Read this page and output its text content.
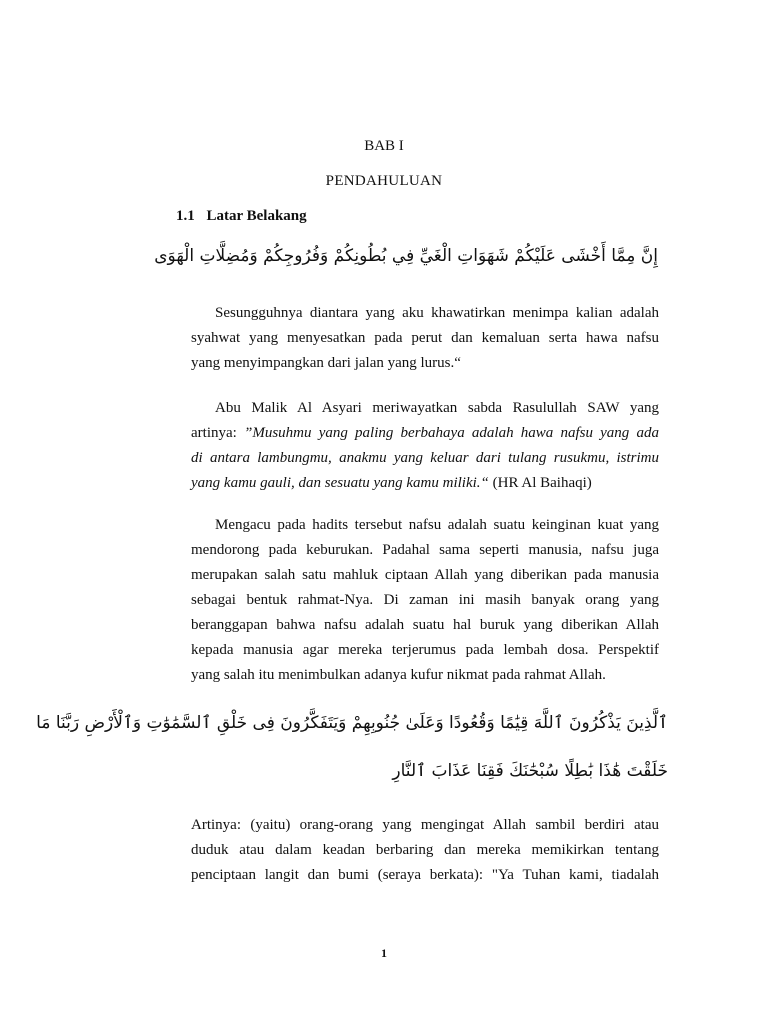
BAB I
PENDAHULUAN
1.1 Latar Belakang
إِنَّ مِمَّا أَخْشَى عَلَيْكُمْ شَهَوَاتِ الْغَيِّ فِي بُطُونِكُمْ وَفُرُوجِكُمْ وَمُضِلَّاتِ الْهَوَى
Sesungguhnya diantara yang aku khawatirkan menimpa kalian adalah
syahwat yang menyesatkan pada perut dan kemaluan serta hawa nafsu
yang menyimpangkan dari jalan yang lurus.“
Abu Malik Al Asyari meriwayatkan sabda Rasulullah SAW yang
artinya: ”Musuhmu yang paling berbahaya adalah hawa nafsu yang ada
di antara lambungmu, anakmu yang keluar dari tulang rusukmu, istrimu
yang kamu gauli, dan sesuatu yang kamu miliki.“ (HR Al Baihaqi)
Mengacu pada hadits tersebut nafsu adalah suatu keinginan kuat yang
mendorong pada keburukan. Padahal sama seperti manusia, nafsu juga
merupakan salah satu mahluk ciptaan Allah yang diberikan pada manusia
sebagai bentuk rahmat-Nya. Di zaman ini masih banyak orang yang
beranggapan bahwa nafsu adalah suatu hal buruk yang diberikan Allah
kepada manusia agar mereka terjerumus pada lembah dosa. Perspektif
yang salah itu menimbulkan adanya kufur nikmat pada rahmat Allah.
ٱلَّذِينَ يَذْكُرُونَ ٱللَّهَ قِيَٰمًا وَقُعُودًا وَعَلَىٰ جُنُوبِهِمْ وَيَتَفَكَّرُونَ فِى خَلْقِ ٱلسَّمَٰوَٰتِ وَٱلْأَرْضِ رَبَّنَا مَا
خَلَقْتَ هَٰذَا بَٰطِلًا سُبْحَٰنَكَ فَقِنَا عَذَابَ ٱلنَّارِ
Artinya: (yaitu) orang-orang yang mengingat Allah sambil berdiri atau
duduk atau dalam keadan berbaring dan mereka memikirkan tentang
penciptaan langit dan bumi (seraya berkata): "Ya Tuhan kami, tiadalah
1
